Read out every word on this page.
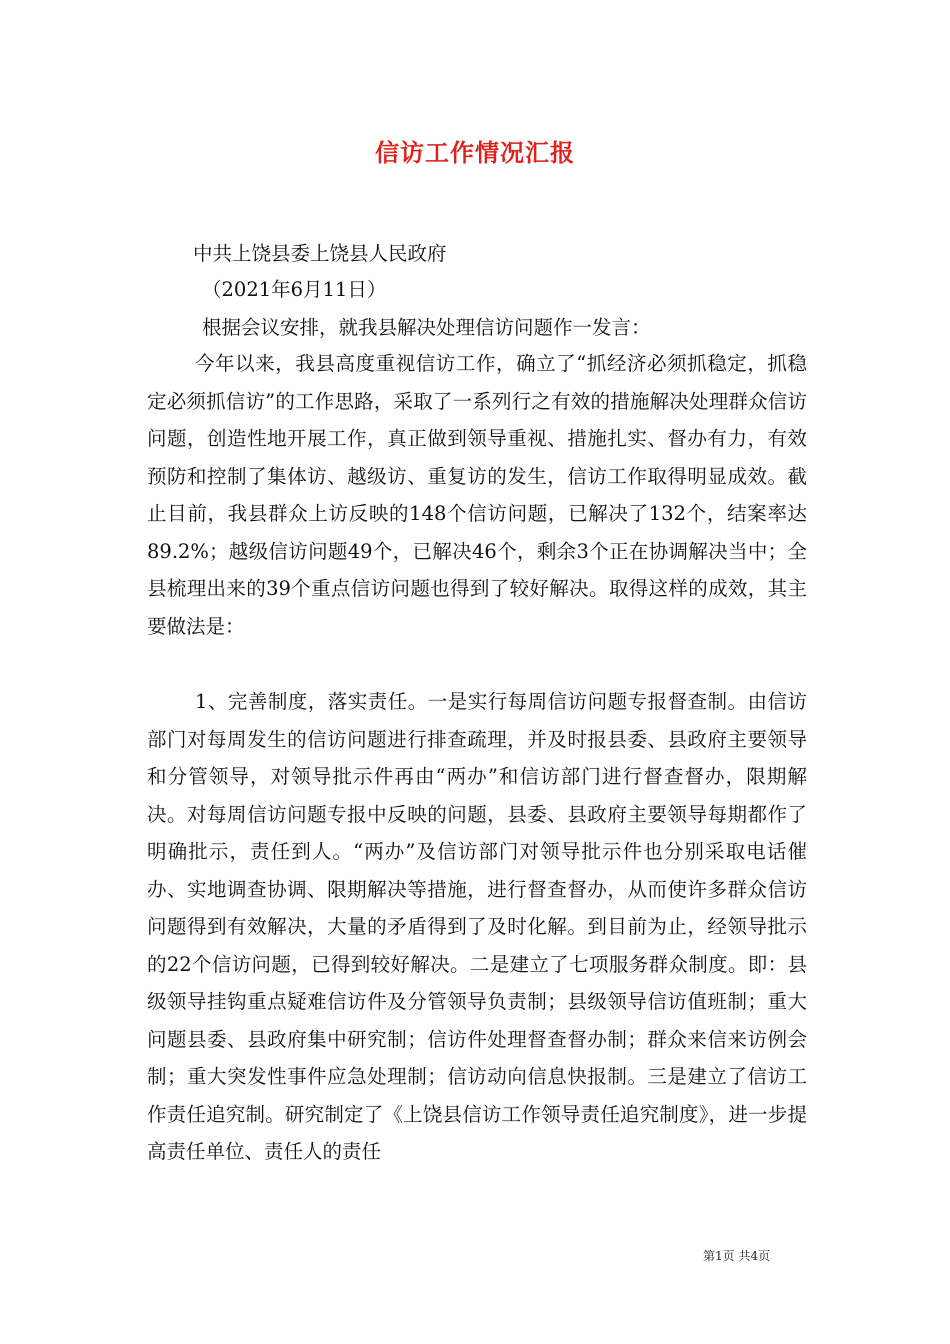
信访工作情况汇报
中共上饶县委上饶县人民政府
（2021年6月11日）
根据会议安排，就我县解决处理信访问题作一发言：

今年以来，我县高度重视信访工作，确立了“抓经济必须抓稳定，抓稳定必须抓信访”的工作思路，采取了一系列行之有效的措施解决处理群众信访问题，创造性地开展工作，真正做到领导重视、措施扎实、督办有力，有效预防和控制了集体访、越级访、重复访的发生，信访工作取得明显成效。截止目前，我县群众上访反映的148个信访问题，已解决了132个，结案率达89.2%；越级信访问题49个，已解决46个，剩余3个正在协调解决当中；全县梳理出来的39个重点信访问题也得到了较好解决。取得这样的成效，其主要做法是：

1、完善制度，落实责任。一是实行每周信访问题专报督查制。由信访部门对每周发生的信访问题进行排查疏理，并及时报县委、县政府主要领导和分管领导，对领导批示件再由“两办”和信访部门进行督查督办，限期解决。对每周信访问题专报中反映的问题，县委、县政府主要领导每期都作了明确批示，责任到人。“两办”及信访部门对领导批示件也分别采取电话催办、实地调查协调、限期解决等措施，进行督查督办，从而使许多群众信访问题得到有效解决，大量的矛盾得到了及时化解。到目前为止，经领导批示的22个信访问题，已得到较好解决。二是建立了七项服务群众制度。即：县级领导挂钩重点疑难信访件及分管领导负责制；县级领导信访值班制；重大问题县委、县政府集中研究制；信访件处理督查督办制；群众来信来访例会制；重大突发性事件应急处理制；信访动向信息快报制。三是建立了信访工作责任追究制。研究制定了《上饶县信访工作领导责任追究制度》，进一步提高责任单位、责任人的责任

第1页 共4页
